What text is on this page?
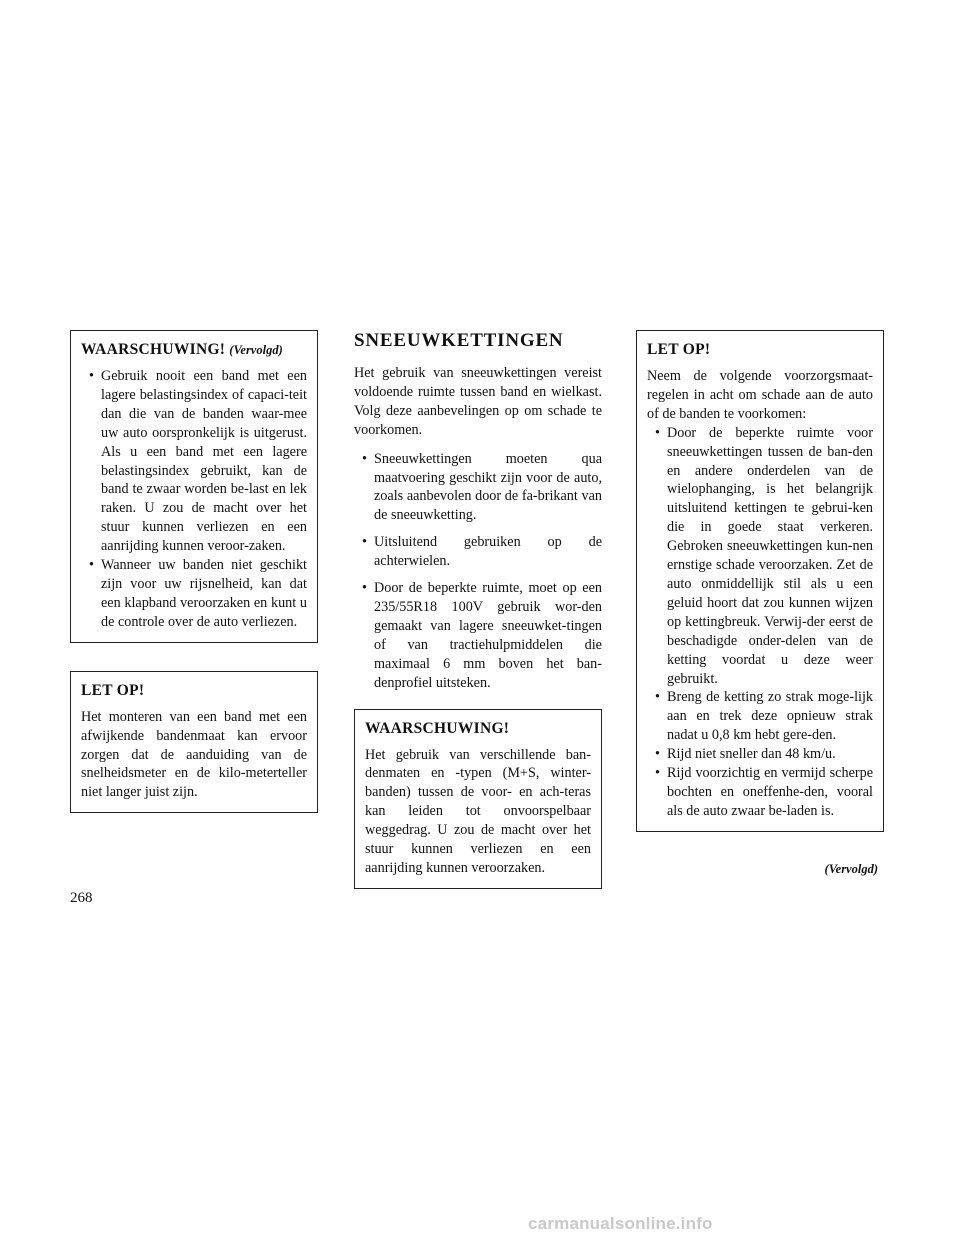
WAARSCHUWING! (Vervolgd)
• Gebruik nooit een band met een lagere belastingsindex of capaci-teit dan die van de banden waar-mee uw auto oorspronkelijk is uitgerust. Als u een band met een lagere belastingsindex gebruikt, kan de band te zwaar worden be-last en lek raken. U zou de macht over het stuur kunnen verliezen en een aanrijding kunnen veroor-zaken.
• Wanneer uw banden niet geschikt zijn voor uw rijsnelheid, kan dat een klapband veroorzaken en kunt u de controle over de auto verliezen.
LET OP!

Het monteren van een band met een afwijkende bandenmaat kan ervoor zorgen dat de aanduiding van de snelheidsmeter en de kilo-meterteller niet langer juist zijn.

SNEEUWKETTINGEN

Het gebruik van sneeuwkettingen vereist voldoende ruimte tussen band en wielkast. Volg deze aanbevelingen op om schade te voorkomen.

• Sneeuwkettingen moeten qua maatvoering geschikt zijn voor de auto, zoals aanbevolen door de fa-brikant van de sneeuwketting.
• Uitsluitend gebruiken op de achterwielen.
• Door de beperkte ruimte, moet op een 235/55R18 100V gebruik wor-den gemaakt van lagere sneeuwket-tingen of van tractiehulpmiddelen die maximaal 6 mm boven het ban-denprofiel uitsteken.
WAARSCHUWING!

Het gebruik van verschillende ban-denmaten en -typen (M+S, winter-banden) tussen de voor- en ach-teras kan leiden tot onvoorspelbaar weggedrag. U zou de macht over het stuur kunnen verliezen en een aanrijding kunnen veroorzaken.

LET OP!

Neem de volgende voorzorgsmaat-regelen in acht om schade aan de auto of de banden te voorkomen:

• Door de beperkte ruimte voor sneeuwkettingen tussen de ban-den en andere onderdelen van de wielophanging, is het belangrijk uitsluitend kettingen te gebrui-ken die in goede staat verkeren. Gebroken sneeuwkettingen kun-nen ernstige schade veroorzaken. Zet de auto onmiddellijk stil als u een geluid hoort dat zou kunnen wijzen op kettingbreuk. Verwij-der eerst de beschadigde onder-delen van de ketting voordat u deze weer gebruikt.
• Breng de ketting zo strak moge-lijk aan en trek deze opnieuw strak nadat u 0,8 km hebt gere-den.
• Rijd niet sneller dan 48 km/u.
• Rijd voorzichtig en vermijd scherpe bochten en oneffenhe-den, vooral als de auto zwaar be-laden is.
(Vervolgd)
268
carmanualsonline.info
